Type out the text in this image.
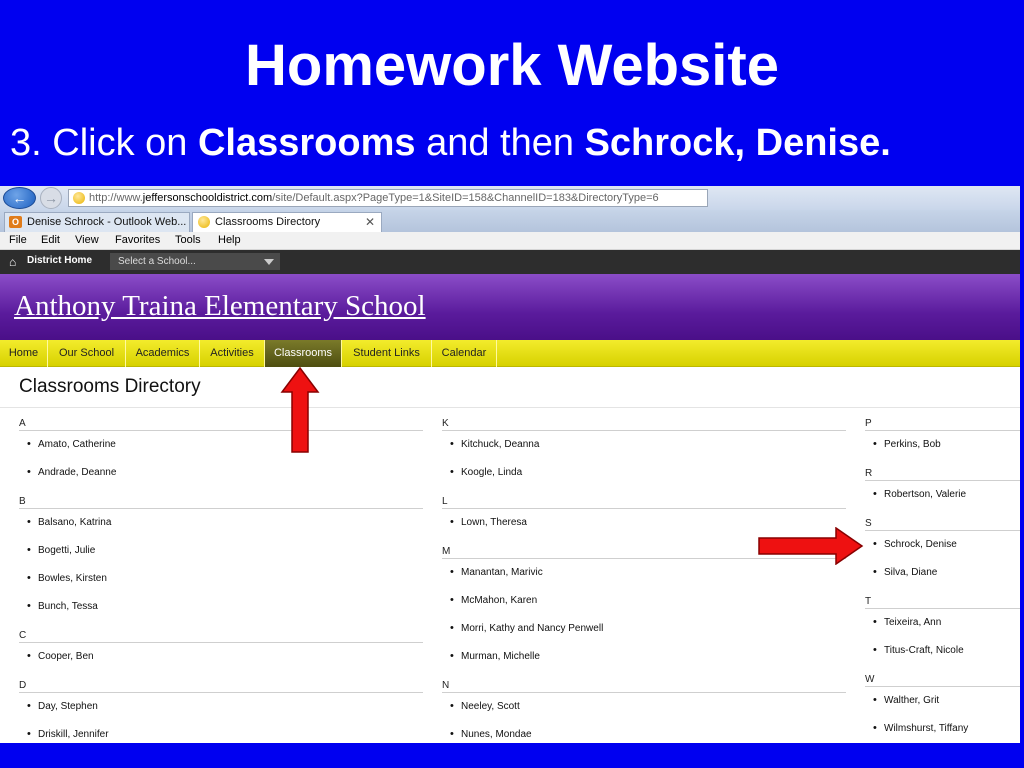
Homework Website
3. Click on Classrooms and then Schrock, Denise.
←	→	http://www.jeffersonschooldistrict.com/site/Default.aspx?PageType=1&SiteID=158&ChannelID=183&DirectoryType=6
O Denise Schrock - Outlook Web...	Classrooms Directory	✕
File Edit View Favorites Tools Help
⌂ District Home	Select a School...
Anthony Traina Elementary School
Home	Our School	Academics	Activities	Classrooms	Student Links	Calendar
Classrooms Directory
A
• Amato, Catherine
• Andrade, Deanne
B
• Balsano, Katrina
• Bogetti, Julie
• Bowles, Kirsten
• Bunch, Tessa
C
• Cooper, Ben
D
• Day, Stephen
• Driskill, Jennifer
K
• Kitchuck, Deanna
• Koogle, Linda
L
• Lown, Theresa
M
• Manantan, Marivic
• McMahon, Karen
• Morri, Kathy and Nancy Penwell
• Murman, Michelle
N
• Neeley, Scott
• Nunes, Mondae
P
• Perkins, Bob
R
• Robertson, Valerie
S
• Schrock, Denise
• Silva, Diane
T
• Teixeira, Ann
• Titus-Craft, Nicole
W
• Walther, Grit
• Wilmshurst, Tiffany
